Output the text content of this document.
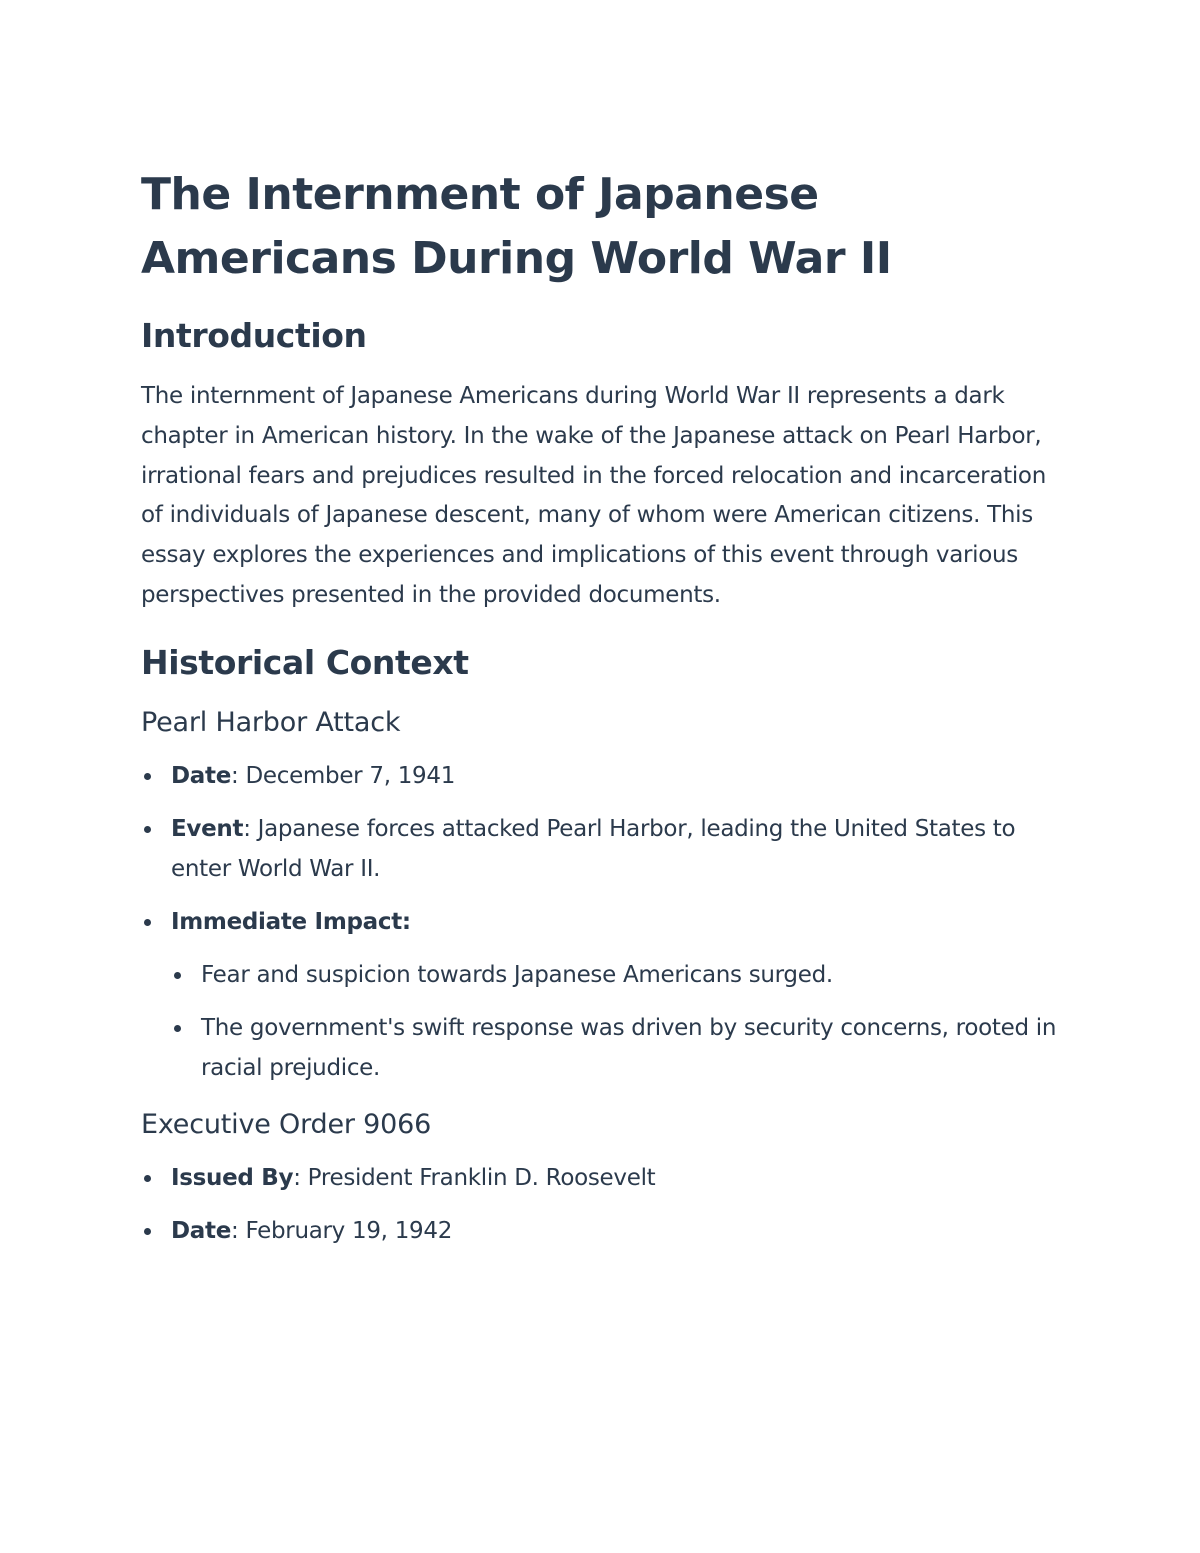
The Internment of Japanese Americans During World War II
Introduction

The internment of Japanese Americans during World War II represents a dark chapter in American history. In the wake of the Japanese attack on Pearl Harbor, irrational fears and prejudices resulted in the forced relocation and incarceration of individuals of Japanese descent, many of whom were American citizens. This essay explores the experiences and implications of this event through various perspectives presented in the provided documents.

Historical Context
Pearl Harbor Attack
Date: December 7, 1941
Event: Japanese forces attacked Pearl Harbor, leading the United States to enter World War II.
Immediate Impact:
Fear and suspicion towards Japanese Americans surged.
The government's swift response was driven by security concerns, rooted in racial prejudice.
Executive Order 9066
Issued By: President Franklin D. Roosevelt
Date: February 19, 1942
